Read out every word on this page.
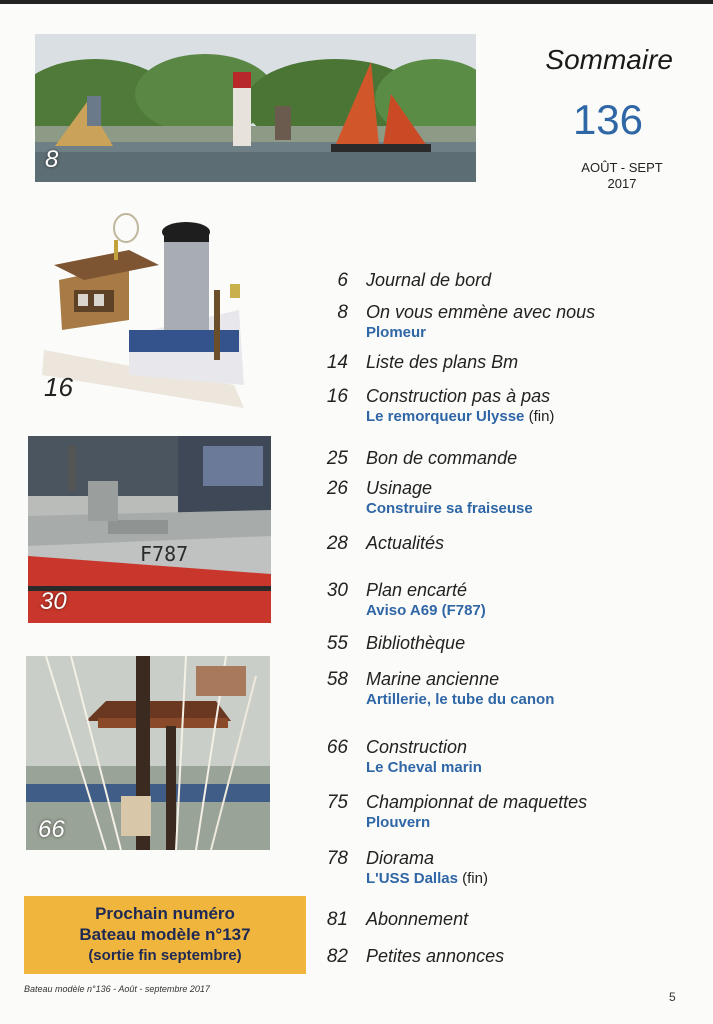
8
Sommaire
136
AOÛT - SEPT
2017
16
F787
30
66
6 Journal de bord
8 On vous emmène avec nous
Plomeur
14 Liste des plans Bm
16 Construction pas à pas
Le remorqueur Ulysse (fin)
25 Bon de commande
26 Usinage
Construire sa fraiseuse
28 Actualités
30 Plan encarté
Aviso A69 (F787)
55 Bibliothèque
58 Marine ancienne
Artillerie, le tube du canon
66 Construction
Le Cheval marin
75 Championnat de maquettes
Plouvern
78 Diorama
L'USS Dallas (fin)
81 Abonnement
82 Petites annonces
Prochain numéro
Bateau modèle n°137
(sortie fin septembre)
Bateau modèle n°136 - Août - septembre 2017
5
